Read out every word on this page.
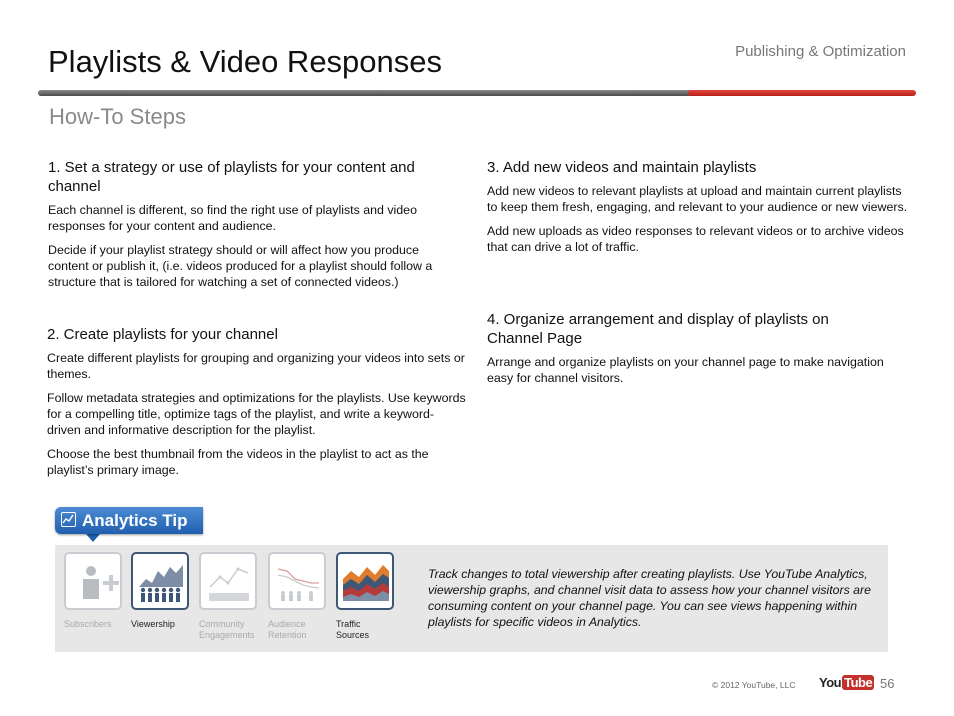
Publishing & Optimization
Playlists & Video Responses
How-To Steps
1. Set a strategy or use of playlists for your content and channel

Each channel is different, so find the right use of playlists and video responses for your content and audience.

Decide if your playlist strategy should or will affect how you produce content or publish it, (i.e. videos produced for a playlist should follow a structure that is tailored for watching a set of connected videos.)

2. Create playlists for your channel

Create different playlists for grouping and organizing your videos into sets or themes.

Follow metadata strategies and optimizations for the playlists. Use keywords for a compelling title, optimize tags of the playlist, and write a keyword-driven and informative description for the playlist.

Choose the best thumbnail from the videos in the playlist to act as the playlist’s primary image.

3. Add new videos and maintain playlists

Add new videos to relevant playlists at upload and maintain current playlists to keep them fresh, engaging, and relevant to your audience or new viewers.

Add new uploads as video responses to relevant videos or to archive videos that can drive a lot of traffic.

4. Organize arrangement and display of playlists on Channel Page

Arrange and organize playlists on your channel page to make navigation easy for channel visitors.

Analytics Tip
Subscribers Viewership	Community
Engagements
Audience
Retention
Traffic
Sources

Track changes to total viewership after creating playlists. Use YouTube Analytics, viewership graphs, and channel visit data to assess how your channel visitors are consuming content on your channel page. You can see views happening within playlists for specific videos in Analytics.

© 2012 YouTube, LLC You Tube 56
